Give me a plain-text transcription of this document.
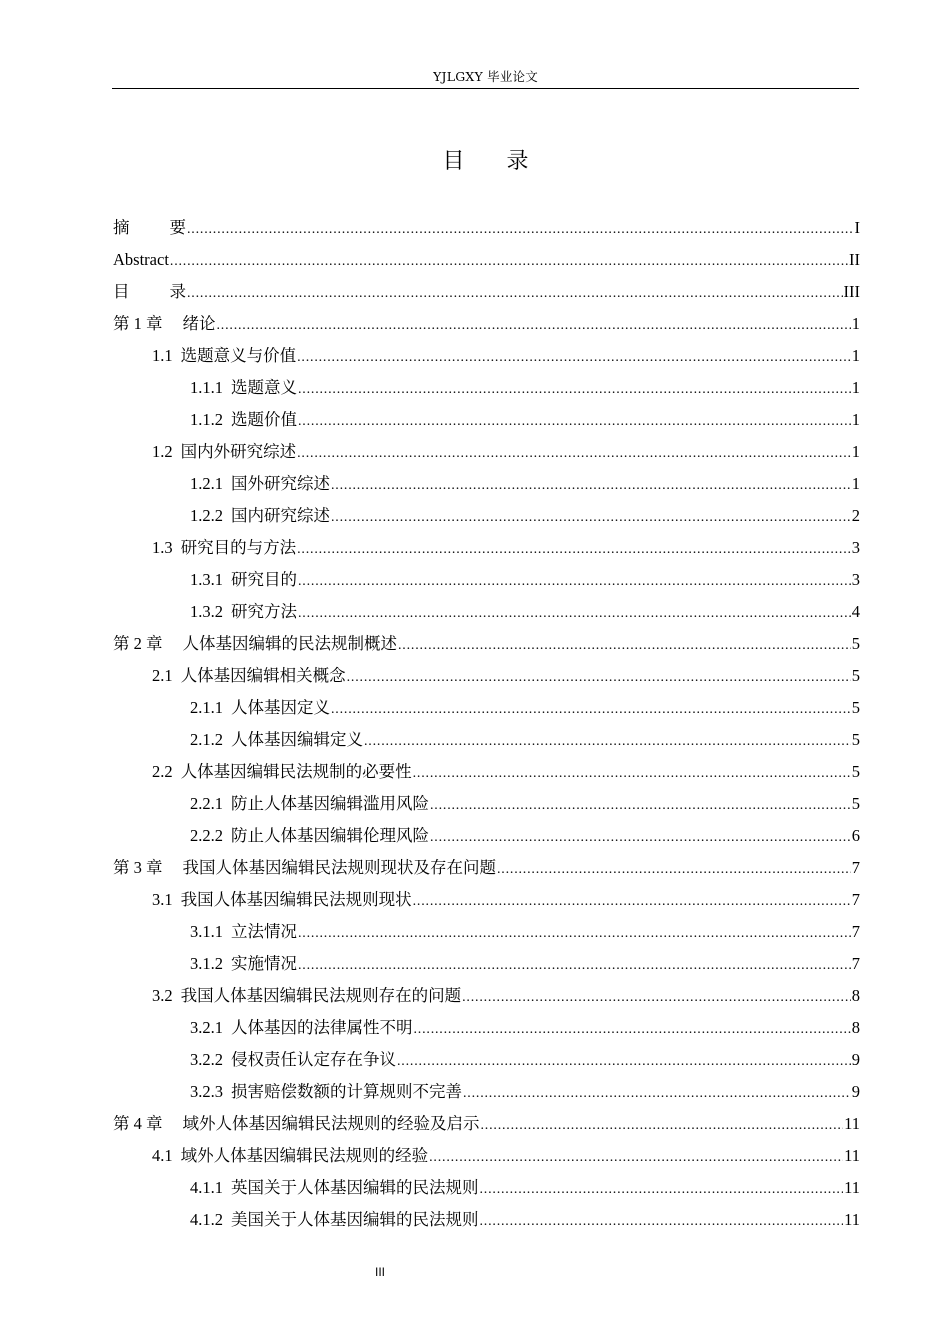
YJLGXY 毕业论文
目 录
摘 要 .....	I
Abstract .....	II
目 录 .....	III
第 1 章 绪论 .....	1
1.1 选题意义与价值 .....	1
1.1.1 选题意义 .....	1
1.1.2 选题价值 .....	1
1.2 国内外研究综述 .....	1
1.2.1 国外研究综述 .....	1
1.2.2 国内研究综述 .....	2
1.3 研究目的与方法 .....	3
1.3.1 研究目的 .....	3
1.3.2 研究方法 .....	4
第 2 章 人体基因编辑的民法规制概述 .....	5
2.1 人体基因编辑相关概念 .....	5
2.1.1 人体基因定义 .....	5
2.1.2 人体基因编辑定义 .....	5
2.2 人体基因编辑民法规制的必要性 .....	5
2.2.1 防止人体基因编辑滥用风险 .....	5
2.2.2 防止人体基因编辑伦理风险 .....	6
第 3 章 我国人体基因编辑民法规则现状及存在问题 .....	7
3.1 我国人体基因编辑民法规则现状 .....	7
3.1.1 立法情况 .....	7
3.1.2 实施情况 .....	7
3.2 我国人体基因编辑民法规则存在的问题 .....	8
3.2.1 人体基因的法律属性不明 .....	8
3.2.2 侵权责任认定存在争议 .....	9
3.2.3 损害赔偿数额的计算规则不完善 .....	9
第 4 章 域外人体基因编辑民法规则的经验及启示 .....	11
4.1 域外人体基因编辑民法规则的经验 .....	11
4.1.1 英国关于人体基因编辑的民法规则 .....	11
4.1.2 美国关于人体基因编辑的民法规则 .....	11
III
